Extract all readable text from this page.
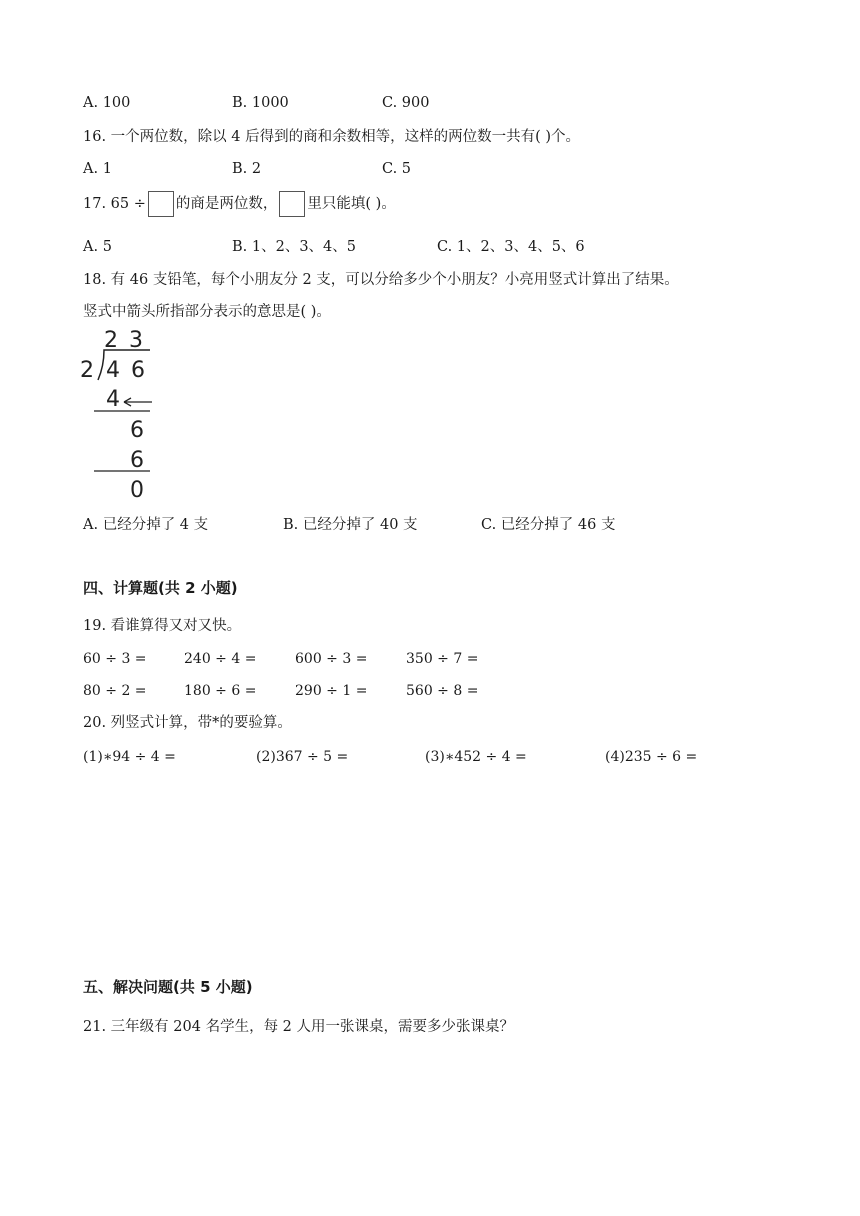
A. 100	B. 1000	C. 900
16. 一个两位数，除以 4 后得到的商和余数相等，这样的两位数一共有( )个。
A. 1	B. 2	C. 5
17. 65 ÷ 的商是两位数， 里只能填( )。
A. 5	B. 1、2、3、4、5	C. 1、2、3、4、5、6
18. 有 46 支铅笔，每个小朋友分 2 支，可以分给多少个小朋友？小亮用竖式计算出了结果。
竖式中箭头所指部分表示的意思是( )。
2 3
2 4 6
4
6
6
0
A. 已经分掉了 4 支	B. 已经分掉了 40 支	C. 已经分掉了 46 支
四、计算题(共 2 小题)
19. 看谁算得又对又快。
60 ÷ 3 =	240 ÷ 4 =	600 ÷ 3 =	350 ÷ 7 =
80 ÷ 2 =	180 ÷ 6 =	290 ÷ 1 =	560 ÷ 8 =
20. 列竖式计算，带*的要验算。
(1)∗94 ÷ 4 =	(2)367 ÷ 5 =	(3)∗452 ÷ 4 =	(4)235 ÷ 6 =
五、解决问题(共 5 小题)
21. 三年级有 204 名学生，每 2 人用一张课桌，需要多少张课桌？
